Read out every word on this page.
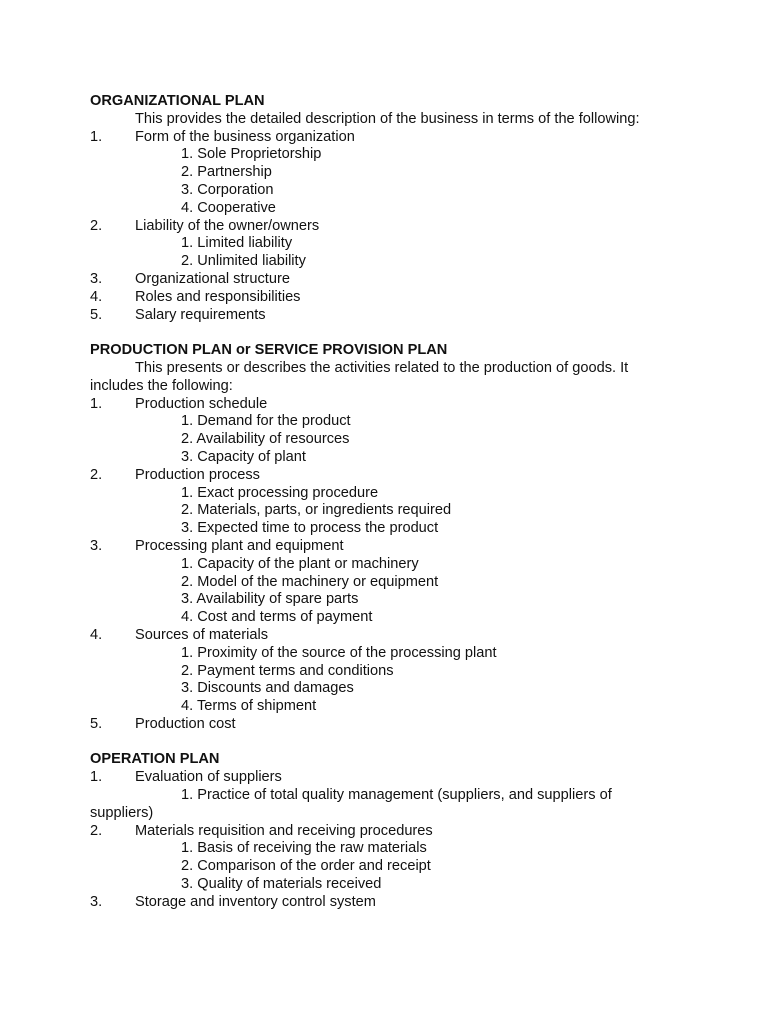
ORGANIZATIONAL PLAN
This provides the detailed description of the business in terms of the following:
1. Form of the business organization
1. Sole Proprietorship
2. Partnership
3. Corporation
4. Cooperative
2. Liability of the owner/owners
1. Limited liability
2. Unlimited liability
3. Organizational structure
4. Roles and responsibilities
5. Salary requirements
PRODUCTION PLAN or SERVICE PROVISION PLAN
This presents or describes the activities related to the production of goods. It
includes the following:
1. Production schedule
1. Demand for the product
2. Availability of resources
3. Capacity of plant
2. Production process
1. Exact processing procedure
2. Materials, parts, or ingredients required
3. Expected time to process the product
3. Processing plant and equipment
1. Capacity of the plant or machinery
2. Model of the machinery or equipment
3. Availability of spare parts
4. Cost and terms of payment
4. Sources of materials
1. Proximity of the source of the processing plant
2. Payment terms and conditions
3. Discounts and damages
4. Terms of shipment
5. Production cost
OPERATION PLAN
1. Evaluation of suppliers
1. Practice of total quality management (suppliers, and suppliers of
suppliers)
2. Materials requisition and receiving procedures
1. Basis of receiving the raw materials
2. Comparison of the order and receipt
3. Quality of materials received
3. Storage and inventory control system
